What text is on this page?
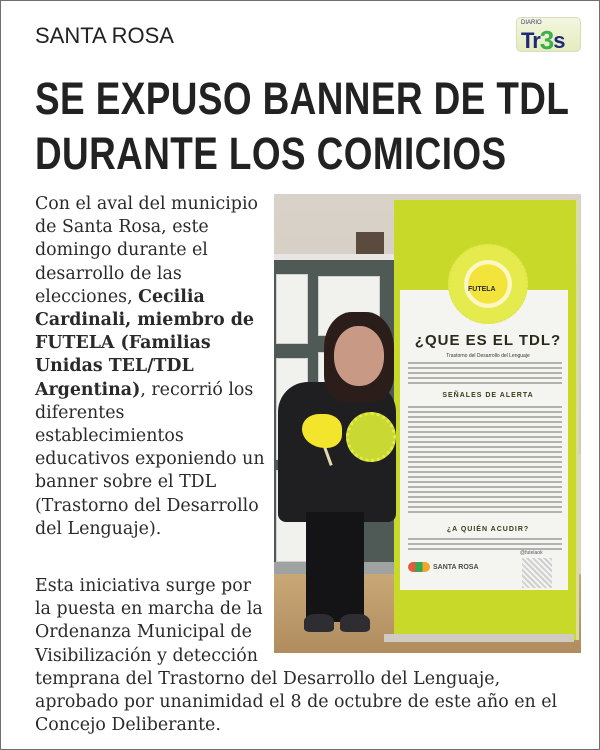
SANTA ROSA	DIARIO
Tr3s
SE EXPUSO BANNER DE TDL
DURANTE LOS COMICIOS
Con el aval del municipio de Santa Rosa, este domingo durante el desarrollo de las elecciones, Cecilia Cardinali, miembro de FUTELA (Familias Unidas TEL/TDL Argentina), recorrió los diferentes establecimientos educativos exponiendo un banner sobre el TDL (Trastorno del Desarrollo del Lenguaje).
FUTELA
¿QUE ES EL TDL?
Trastorno del Desarrollo del Lenguaje
SEÑALES DE ALERTA
¿A QUIÉN ACUDIR?
SANTA ROSA
@futelaok
Esta iniciativa surge por la puesta en marcha de la Ordenanza Municipal de Visibilización y detección
temprana del Trastorno del Desarrollo del Lenguaje, aprobado por unanimidad el 8 de octubre de este año en el Concejo Deliberante.
